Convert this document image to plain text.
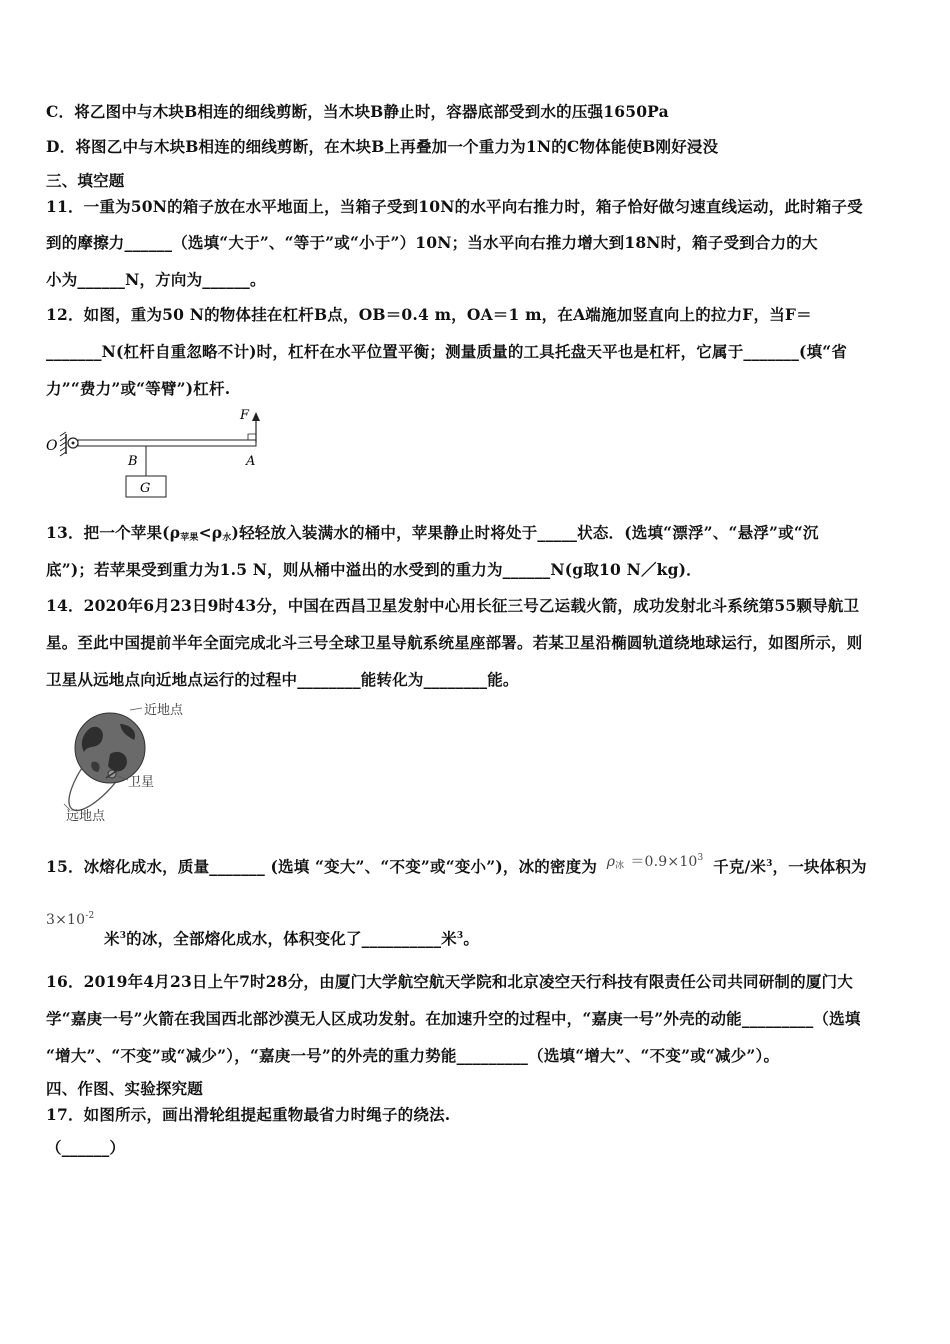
C．将乙图中与木块B相连的细线剪断，当木块B静止时，容器底部受到水的压强1650Pa
D．将图乙中与木块B相连的细线剪断，在木块B上再叠加一个重力为1N的C物体能使B刚好浸没
三、填空题
11．一重为50N的箱子放在水平地面上，当箱子受到10N的水平向右推力时，箱子恰好做匀速直线运动，此时箱子受
到的摩擦力______（选填“大于”、“等于”或“小于”）10N；当水平向右推力增大到18N时，箱子受到合力的大
小为______N，方向为______。
12．如图，重为50 N的物体挂在杠杆B点，OB＝0.4 m，OA＝1 m，在A端施加竖直向上的拉力F，当F＝
_______N(杠杆自重忽略不计)时，杠杆在水平位置平衡；测量质量的工具托盘天平也是杠杆，它属于_______(填“省
力”“费力”或“等臂”)杠杆.
O
B	A
F
G
13．把一个苹果$(\rho_{苹果}<\rho_水)$轻轻放入装满水的桶中，苹果静止时将处于_____状态．(选填“漂浮”、“悬浮”或“沉
底”)；若苹果受到重力为1.5 N，则从桶中溢出的水受到的重力为______N(g取10 N／kg)．
14．2020年6月23日9时43分，中国在西昌卫星发射中心用长征三号乙运载火箭，成功发射北斗系统第55颗导航卫
星。至此中国提前半年全面完成北斗三号全球卫星导航系统星座部署。若某卫星沿椭圆轨道绕地球运行，如图所示，则
卫星从远地点向近地点运行的过程中________能转化为________能。
近地点
卫星
远地点
15．冰熔化成水，质量_______ (选填 “变大”、“不变”或“变小”)，冰的密度为 $\rho_冰 =0.9\times 10^3$ 千克/米$^3$，一块体积为
$3\times 10^{-2}$
米$^3$的冰，全部熔化成水，体积变化了__________米$^3$。
16．2019年4月23日上午7时28分，由厦门大学航空航天学院和北京凌空天行科技有限责任公司共同研制的厦门大
学“嘉庚一号”火箭在我国西北部沙漠无人区成功发射。在加速升空的过程中，“嘉庚一号”外壳的动能_________（选填
“增大”、“不变”或“减少”），“嘉庚一号”的外壳的重力势能_________（选填“增大”、“不变”或“减少”）。
四、作图、实验探究题
17．如图所示，画出滑轮组提起重物最省力时绳子的绕法.
（______）
